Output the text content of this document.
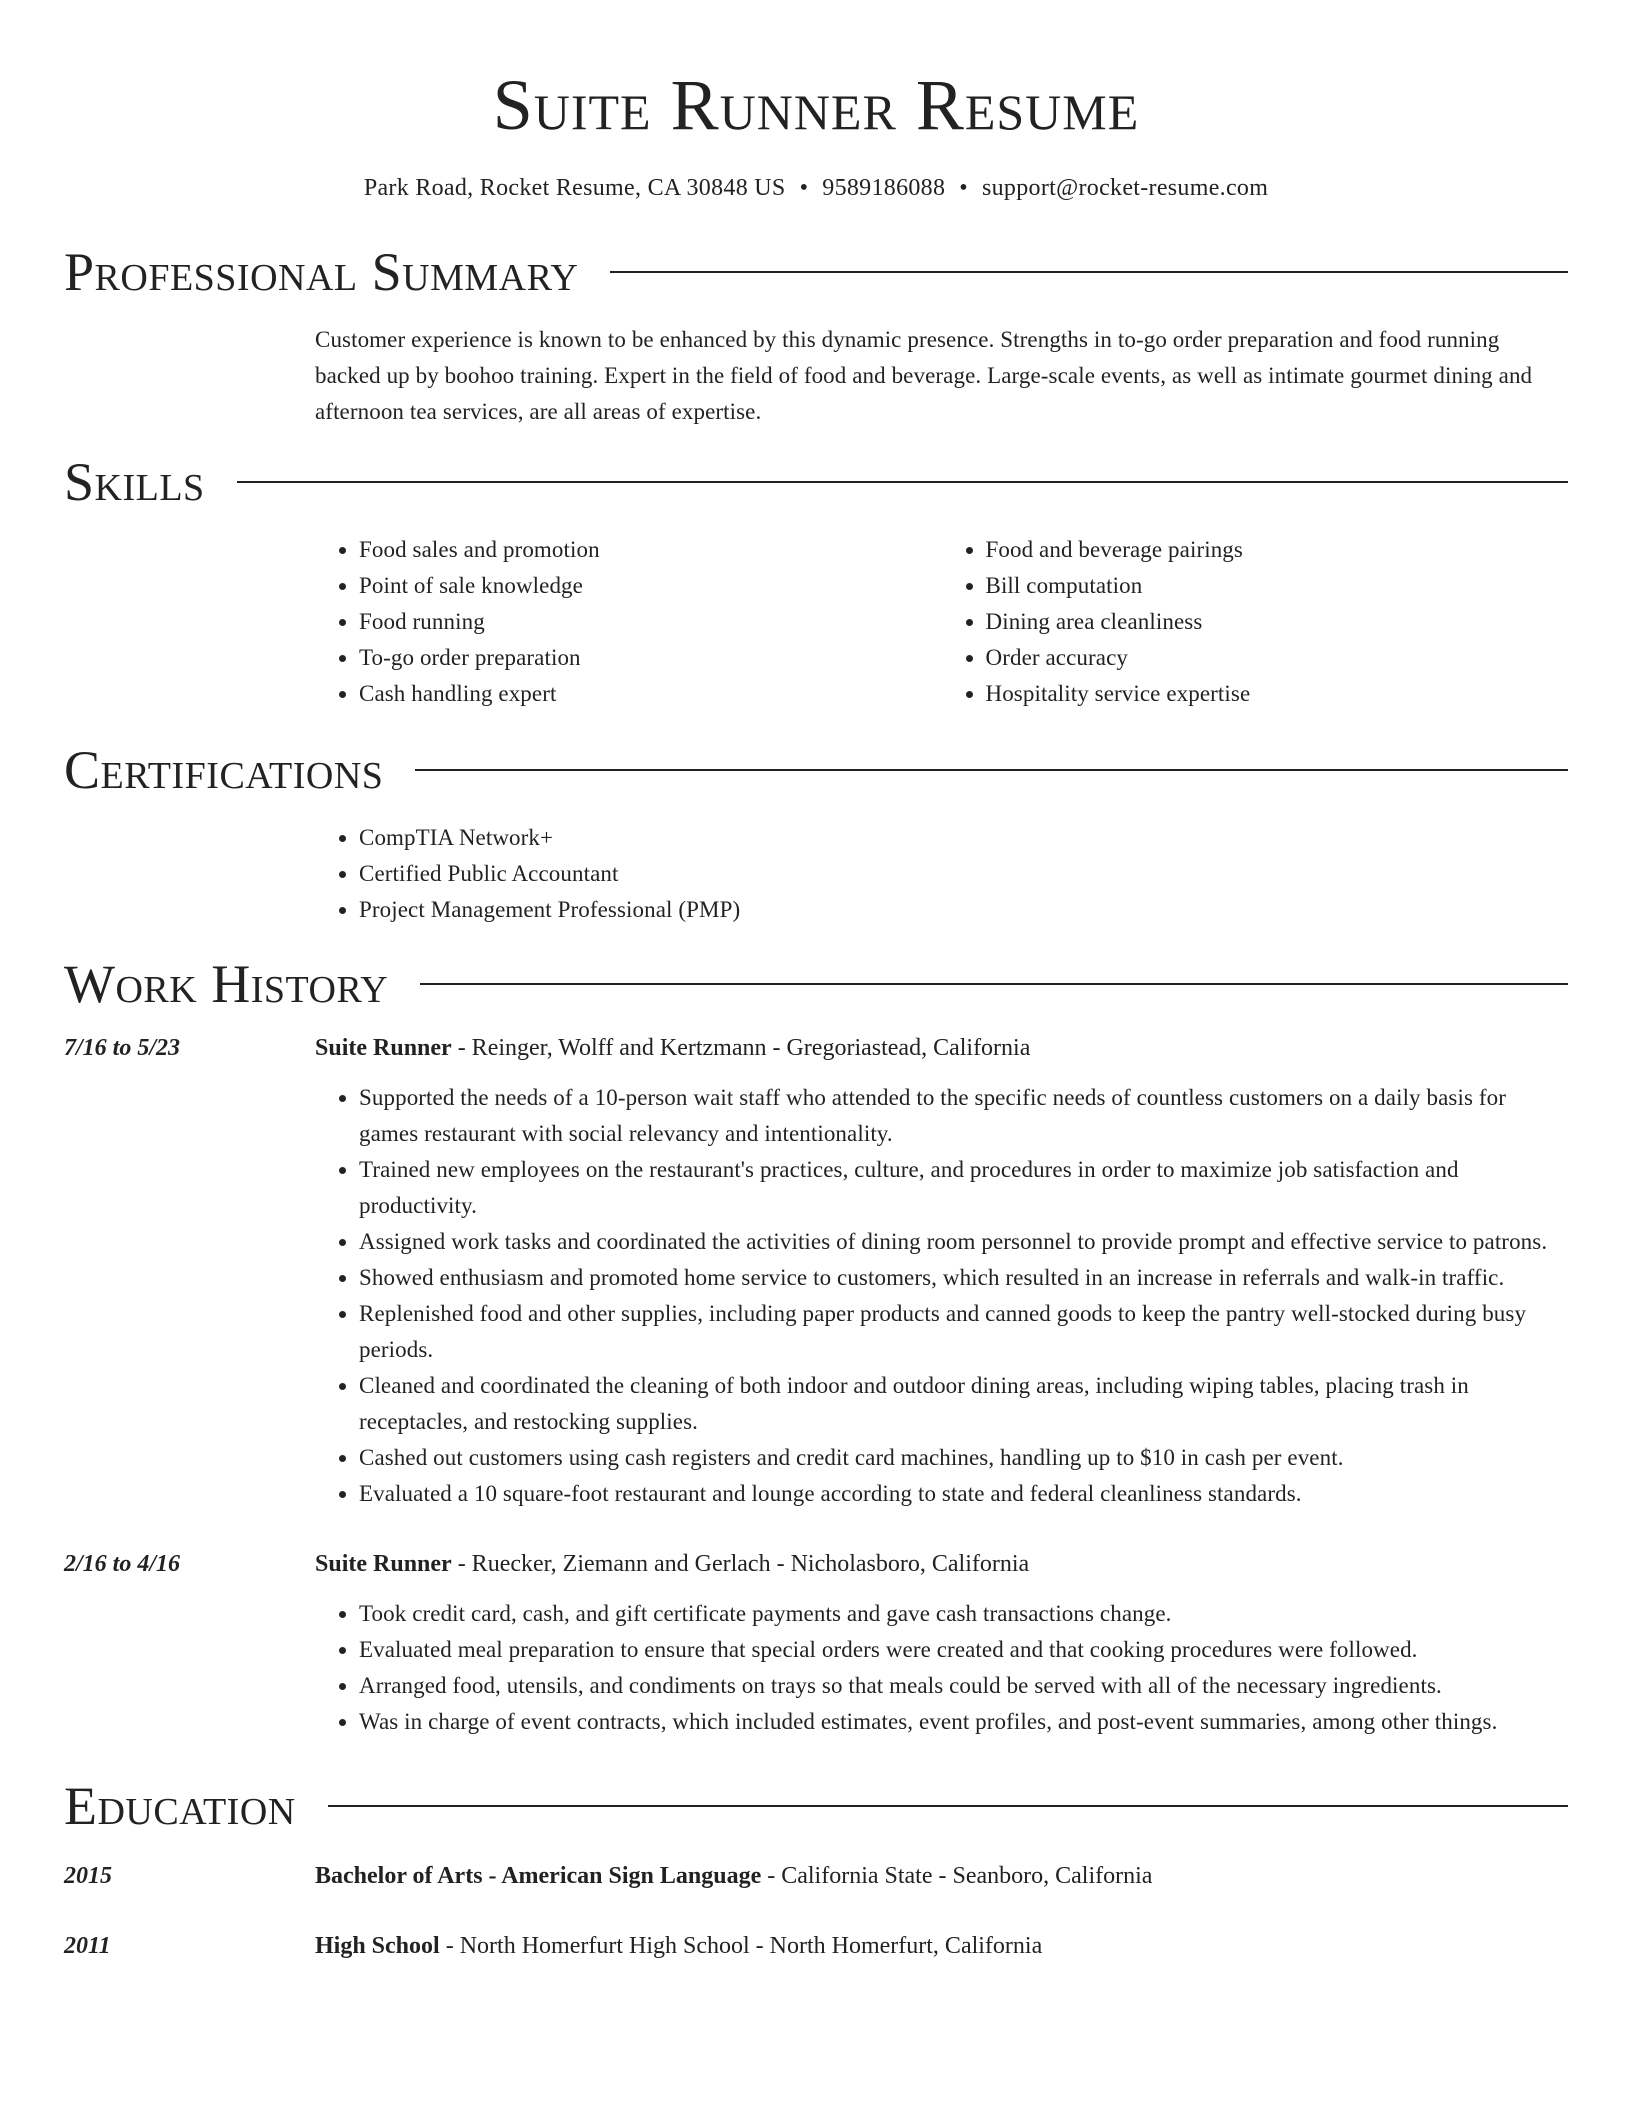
Suite Runner Resume
Park Road, Rocket Resume, CA 30848 US • 9589186088 • support@rocket-resume.com
Professional Summary
Customer experience is known to be enhanced by this dynamic presence. Strengths in to-go order preparation and food running backed up by boohoo training. Expert in the field of food and beverage. Large-scale events, as well as intimate gourmet dining and afternoon tea services, are all areas of expertise.
Skills
• Food sales and promotion
• Point of sale knowledge
• Food running
• To-go order preparation
• Cash handling expert
• Food and beverage pairings
• Bill computation
• Dining area cleanliness
• Order accuracy
• Hospitality service expertise
Certifications
• CompTIA Network+
• Certified Public Accountant
• Project Management Professional (PMP)
Work History
7/16 to 5/23	Suite Runner - Reinger, Wolff and Kertzmann - Gregoriastead, California
• Supported the needs of a 10-person wait staff who attended to the specific needs of countless customers on a daily basis for games restaurant with social relevancy and intentionality.
• Trained new employees on the restaurant's practices, culture, and procedures in order to maximize job satisfaction and productivity.
• Assigned work tasks and coordinated the activities of dining room personnel to provide prompt and effective service to patrons.
• Showed enthusiasm and promoted home service to customers, which resulted in an increase in referrals and walk-in traffic.
• Replenished food and other supplies, including paper products and canned goods to keep the pantry well-stocked during busy periods.
• Cleaned and coordinated the cleaning of both indoor and outdoor dining areas, including wiping tables, placing trash in receptacles, and restocking supplies.
• Cashed out customers using cash registers and credit card machines, handling up to $10 in cash per event.
• Evaluated a 10 square-foot restaurant and lounge according to state and federal cleanliness standards.
2/16 to 4/16	Suite Runner - Ruecker, Ziemann and Gerlach - Nicholasboro, California
• Took credit card, cash, and gift certificate payments and gave cash transactions change.
• Evaluated meal preparation to ensure that special orders were created and that cooking procedures were followed.
• Arranged food, utensils, and condiments on trays so that meals could be served with all of the necessary ingredients.
• Was in charge of event contracts, which included estimates, event profiles, and post-event summaries, among other things.
Education
2015	Bachelor of Arts - American Sign Language - California State - Seanboro, California
2011	High School - North Homerfurt High School - North Homerfurt, California
